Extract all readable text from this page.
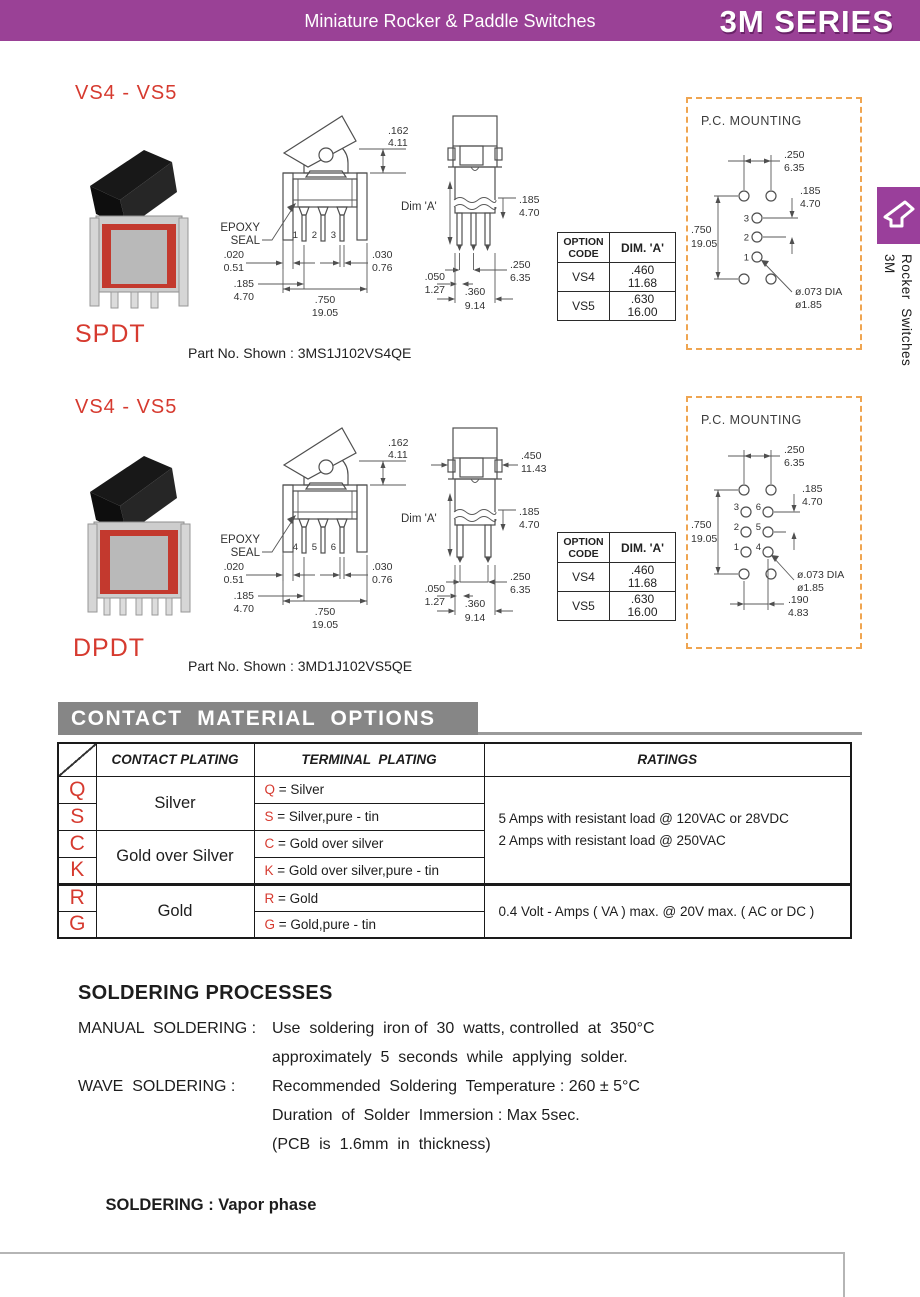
Miniature Rocker & Paddle Switches	3M SERIES
VS4 - VS5
1 2 3
.162
4.11
EPOXY
SEAL
.020
0.51
.030
0.76
.185
4.70	.750
19.05
Dim 'A'
.185
4.70
.050
1.27
.250
6.35
.360
9.14
OPTION
CODE	DIM. 'A'
VS4	.460
11.68

VS5	.630
16.00
P.C. MOUNTING
3
2
1
.250
6.35
.185
4.70
.750
19.05
ø.073 DIA
ø1.85
3M Rocker  Switches
SPDT
Part No. Shown : 3MS1J102VS4QE
VS4 - VS5
4 5 6
.162
4.11
EPOXY
SEAL
.020
0.51
.030
0.76
.185
4.70	.750
19.05
.450
11.43
Dim 'A'
.185
4.70
.050
1.27
.250
6.35
.360
9.14
OPTION
CODE	DIM. 'A'
VS4	.460
11.68

VS5	.630
16.00
P.C. MOUNTING
3
2
1
6
5
4
.250
6.35
.185
4.70
.750
19.05
ø.073 DIA
ø1.85
.190
4.83
DPDT
Part No. Shown : 3MD1J102VS5QE
CONTACT  MATERIAL  OPTIONS
	CONTACT PLATING	TERMINAL  PLATING	RATINGS
Q	Silver	Q = Silver	5 Amps with resistant load @ 120VAC or 28VDC
2 Amps with resistant load @ 250VAC

S		S = Silver,pure - tin	
C	Gold over Silver	C = Gold over silver	
K		K = Gold over silver,pure - tin	
R	Gold	R = Gold	0.4 Volt - Amps ( VA ) max. @ 20V max. ( AC or DC )
G		G = Gold,pure - tin	
SOLDERING PROCESSES
MANUAL  SOLDERING : Use  soldering  iron of  30  watts, controlled  at  350°C
approximately  5  seconds  while  applying  solder.
WAVE  SOLDERING :	Recommended  Soldering  Temperature : 260 ± 5°C
Duration  of  Solder  Immersion : Max 5sec.
(PCB  is  1.6mm  in  thickness)

SOLDERING : Vapor phase
